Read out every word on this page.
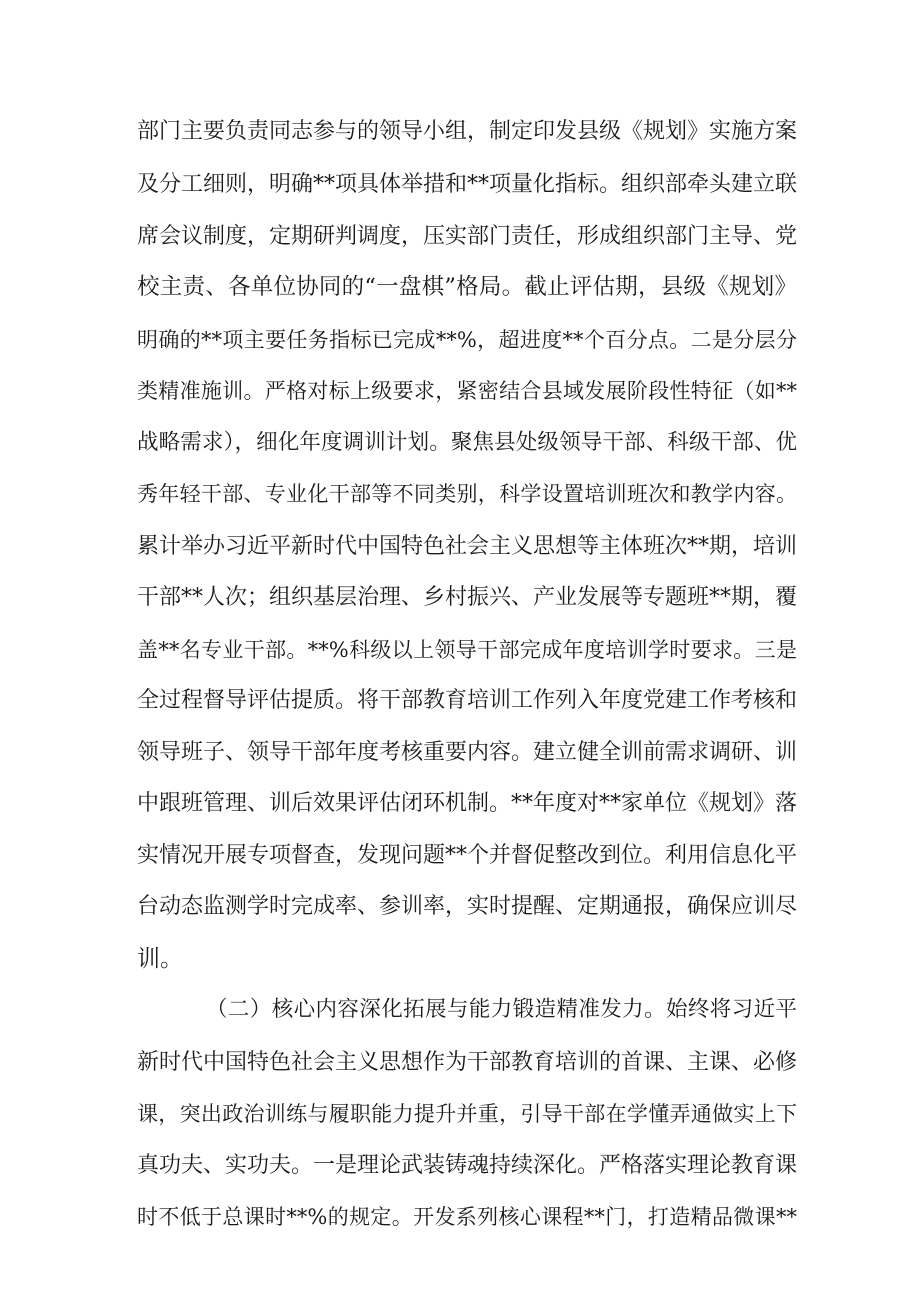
部门主要负责同志参与的领导小组，制定印发县级《规划》实施方案
及分工细则，明确**项具体举措和**项量化指标。组织部牵头建立联
席会议制度，定期研判调度，压实部门责任，形成组织部门主导、党
校主责、各单位协同的“一盘棋”格局。截止评估期，县级《规划》
明确的**项主要任务指标已完成**%，超进度**个百分点。二是分层分
类精准施训。严格对标上级要求，紧密结合县域发展阶段性特征（如**
战略需求），细化年度调训计划。聚焦县处级领导干部、科级干部、优
秀年轻干部、专业化干部等不同类别，科学设置培训班次和教学内容。
累计举办习近平新时代中国特色社会主义思想等主体班次**期，培训
干部**人次；组织基层治理、乡村振兴、产业发展等专题班**期，覆
盖**名专业干部。**%科级以上领导干部完成年度培训学时要求。三是
全过程督导评估提质。将干部教育培训工作列入年度党建工作考核和
领导班子、领导干部年度考核重要内容。建立健全训前需求调研、训
中跟班管理、训后效果评估闭环机制。**年度对**家单位《规划》落
实情况开展专项督查，发现问题**个并督促整改到位。利用信息化平
台动态监测学时完成率、参训率，实时提醒、定期通报，确保应训尽
训。
（二）核心内容深化拓展与能力锻造精准发力。始终将习近平
新时代中国特色社会主义思想作为干部教育培训的首课、主课、必修
课，突出政治训练与履职能力提升并重，引导干部在学懂弄通做实上下
真功夫、实功夫。一是理论武装铸魂持续深化。严格落实理论教育课
时不低于总课时**%的规定。开发系列核心课程**门，打造精品微课**
